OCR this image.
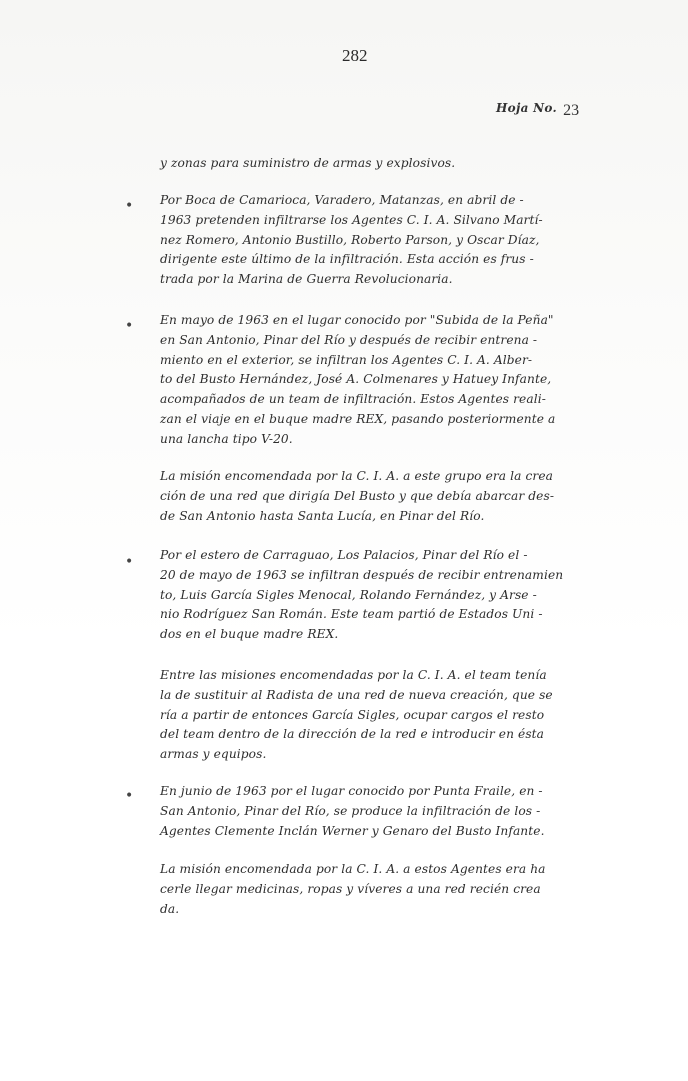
282
Hoja No. 23

y zonas para suministro de armas y explosivos.

•

Por Boca de Camarioca, Varadero, Matanzas, en abril de -
1963 pretenden infiltrarse los Agentes C. I. A. Silvano Martí-
nez Romero, Antonio Bustillo, Roberto Parson, y Oscar Díaz,
dirigente este último de la infiltración. Esta acción es frus -
trada por la Marina de Guerra Revolucionaria.

•

En mayo de 1963 en el lugar conocido por "Subida de la Peña"
en San Antonio, Pinar del Río y después de recibir entrena -
miento en el exterior, se infiltran los Agentes C. I. A. Alber-
to del Busto Hernández, José A. Colmenares y Hatuey Infante,
acompañados de un team de infiltración. Estos Agentes reali-
zan el viaje en el buque madre REX, pasando posteriormente a
una lancha tipo V-20.

La misión encomendada por la C. I. A. a este grupo era la crea
ción de una red que dirigía Del Busto y que debía abarcar des-
de San Antonio hasta Santa Lucía, en Pinar del Río.

•

Por el estero de Carraguao, Los Palacios, Pinar del Río el -
20 de mayo de 1963 se infiltran después de recibir entrenamien
to, Luis García Sigles Menocal, Rolando Fernández, y Arse -
nio Rodríguez San Román. Este team partió de Estados Uni -
dos en el buque madre REX.

Entre las misiones encomendadas por la C. I. A. el team tenía
la de sustituir al Radista de una red de nueva creación, que se
ría a partir de entonces García Sigles, ocupar cargos el resto
del team dentro de la dirección de la red e introducir en ésta
armas y equipos.

•

En junio de 1963 por el lugar conocido por Punta Fraile, en -
San Antonio, Pinar del Río, se produce la infiltración de los -
Agentes Clemente Inclán Werner y Genaro del Busto Infante.

La misión encomendada por la C. I. A. a estos Agentes era ha
cerle llegar medicinas, ropas y víveres a una red recién crea
da.
